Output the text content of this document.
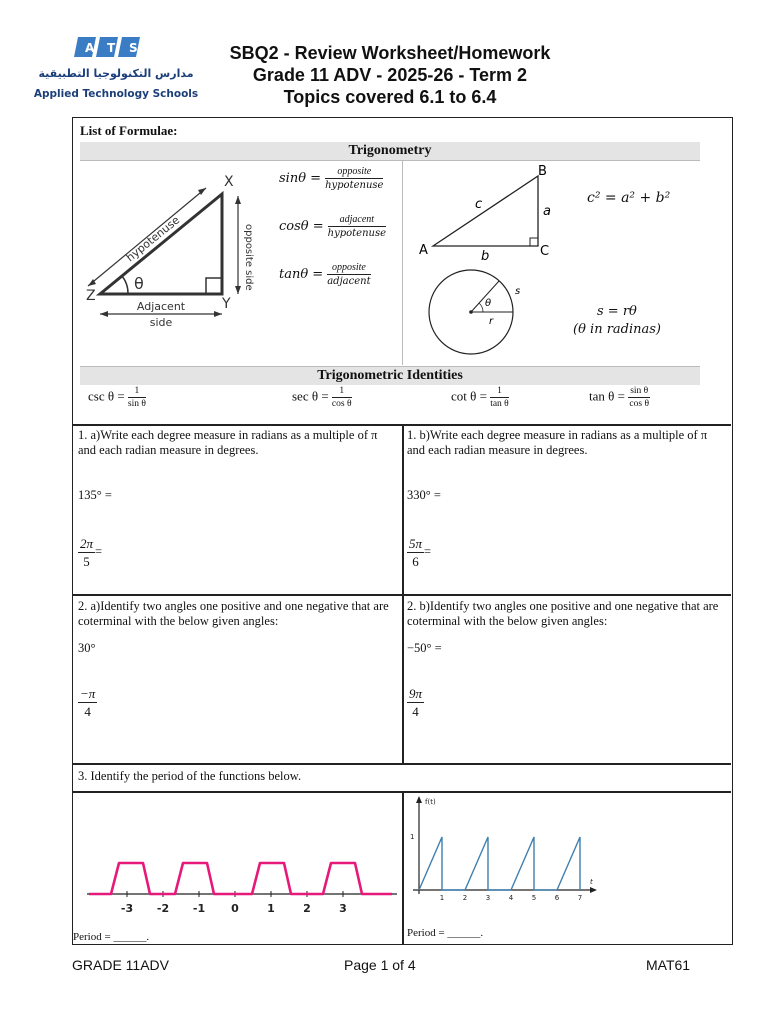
A T S
مدارس التكنولوجيا التطبيقية
Applied Technology Schools
SBQ2 - Review Worksheet/Homework
Grade 11 ADV - 2025-26 - Term 2
Topics covered 6.1 to 6.4
List of Formulae:
Trigonometry
X
Y
Z
hypotenuse	opposite side
θ
Adjacent
side
$\sin\theta = \frac{\text{opposite}}{\text{hypotenuse}}$
$\cos\theta = \frac{\text{adjacent}}{\text{hypotenuse}}$
$\tan\theta = \frac{\text{opposite}}{\text{adjacent}}$
A
B
C
a
b
c	c² = a² + b²
s
θ
r
s = rθ
(θ in radinas)
Trigonometric Identities
$\csc \theta = \frac{1}{\text{sin θ}}$	$\sec \theta = \frac{1}{\text{cos θ}}$	$\cot \theta = \frac{1}{\text{tan θ}}$	$\tan \theta = \frac{\text{sin θ}}{\text{cos θ}}$
1. a)Write each degree measure in radians as a multiple of π and each radian measure in degrees.
135° =
$\frac{2\pi}{5}$ =
1. b)Write each degree measure in radians as a multiple of π and each radian measure in degrees.
330° =
$\frac{5\pi}{6}$ =
2. a)Identify two angles one positive and one negative that are coterminal with the below given angles:
30°
$\frac{-\pi}{4}$
2. b)Identify two angles one positive and one negative that are coterminal with the below given angles:
−50° =
$\frac{9\pi}{4}$
3. Identify the period of the functions below.
-3 -2 -1 0	1	2	3
Period = ______.
f(t)
t
1
1	2	3	4	5	6	7
Period = ______.
GRADE 11ADV	Page 1 of 4	MAT61
